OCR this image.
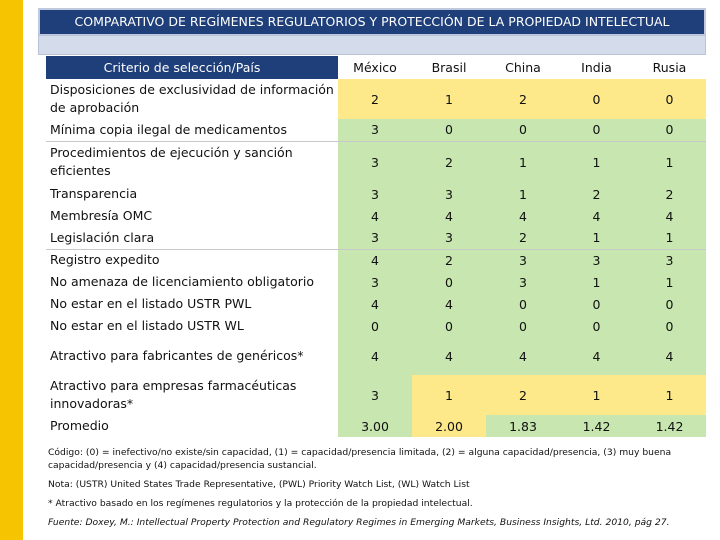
COMPARATIVO DE REGÍMENES REGULATORIOS Y PROTECCIÓN DE LA PROPIEDAD INTELECTUAL
Criterio de selección/País	México	Brasil	China	India	Rusia
Disposiciones de exclusividad de información de aprobación	2	1	2	0	0
Mínima copia ilegal de medicamentos	3	0	0	0	0
Procedimientos de ejecución y sanción eficientes	3	2	1	1	1
Transparencia	3	3	1	2	2
Membresía OMC	4	4	4	4	4
Legislación clara	3	3	2	1	1
Registro expedito	4	2	3	3	3
No amenaza de licenciamiento obligatorio	3	0	3	1	1
No estar en el listado USTR PWL	4	4	0	0	0
No estar en el listado USTR WL	0	0	0	0	0
Atractivo para fabricantes de genéricos*	4	4	4	4	4
Atractivo para empresas farmacéuticas innovadoras*	3	1	2	1	1
Promedio	3.00	2.00	1.83	1.42	1.42

Código: (0) = inefectivo/no existe/sin capacidad, (1) = capacidad/presencia limitada, (2) = alguna capacidad/presencia, (3) muy buena capacidad/presencia y (4) capacidad/presencia sustancial.

Nota: (USTR) United States Trade Representative, (PWL) Priority Watch List, (WL) Watch List

* Atractivo basado en los regímenes regulatorios y la protección de la propiedad intelectual.

Fuente: Doxey, M.: Intellectual Property Protection and Regulatory Regimes in Emerging Markets, Business Insights, Ltd. 2010, pág 27.
